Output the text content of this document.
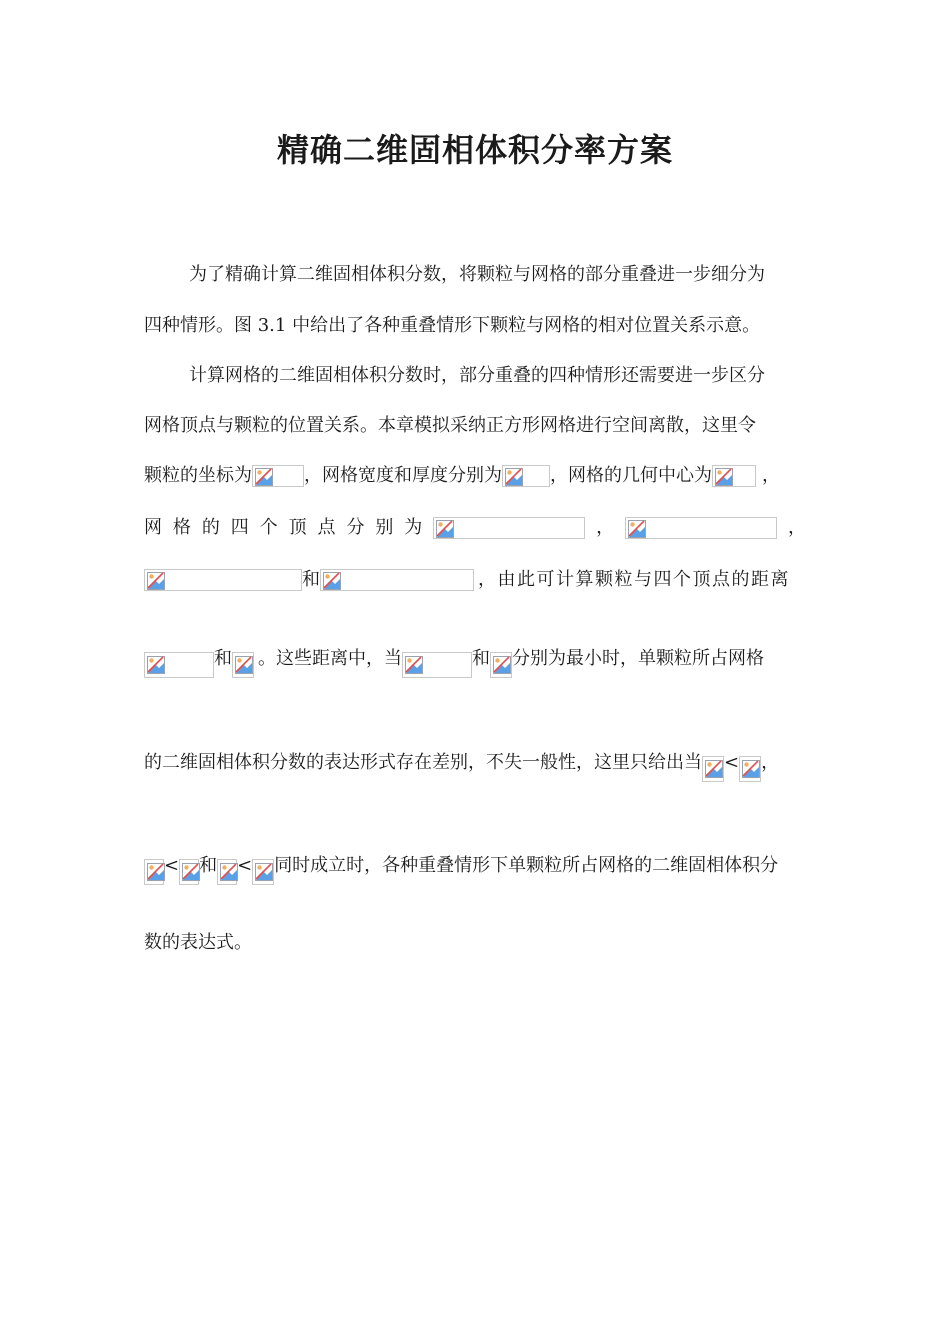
精确二维固相体积分率方案
为了精确计算二维固相体积分数，将颗粒与网格的部分重叠进一步细分为
四种情形。图 3.1 中给出了各种重叠情形下颗粒与网格的相对位置关系示意。
计算网格的二维固相体积分数时，部分重叠的四种情形还需要进一步区分
网格顶点与颗粒的位置关系。本章模拟采纳正方形网格进行空间离散，这里令
颗粒的坐标为	，网格宽度和厚度分别为	，网格的几何中心为	，
网 格 的 四 个 顶 点 分 别 为	，	，
和	，由此可计算颗粒与四个顶点的距离
和 。这些距离中，当	和 分别为最小时，单颗粒所占网格
的二维固相体积分数的表达形式存在差别，不失一般性，这里只给出当 < ，
< 和 < 同时成立时，各种重叠情形下单颗粒所占网格的二维固相体积分
数的表达式。
